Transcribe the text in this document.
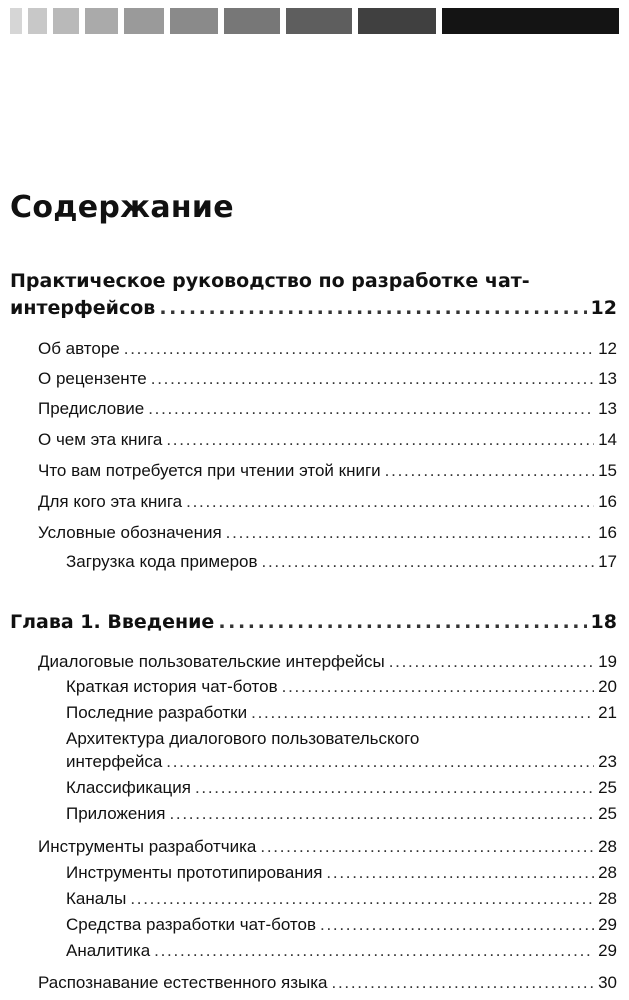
Содержание
Практическое руководство по разработке чат-
интерфейсов . . .	12
Об авторе . . .	12
О рецензенте . . .	13
Предисловие . . .	13
О чем эта книга . . .	14
Что вам потребуется при чтении этой книги . . .	15
Для кого эта книга . . .	16
Условные обозначения . . .	16
Загрузка кода примеров . . .	17
Глава 1. Введение . . .	18
Диалоговые пользовательские интерфейсы . . .	19
Краткая история чат-ботов . . .	20
Последние разработки . . .	21
Архитектура диалогового пользовательского
интерфейса . . .	23
Классификация . . .	25
Приложения . . .	25
Инструменты разработчика . . .	28
Инструменты прототипирования . . .	28
Каналы . . .	28
Средства разработки чат-ботов . . .	29
Аналитика . . .	29
Распознавание естественного языка . . .	30
